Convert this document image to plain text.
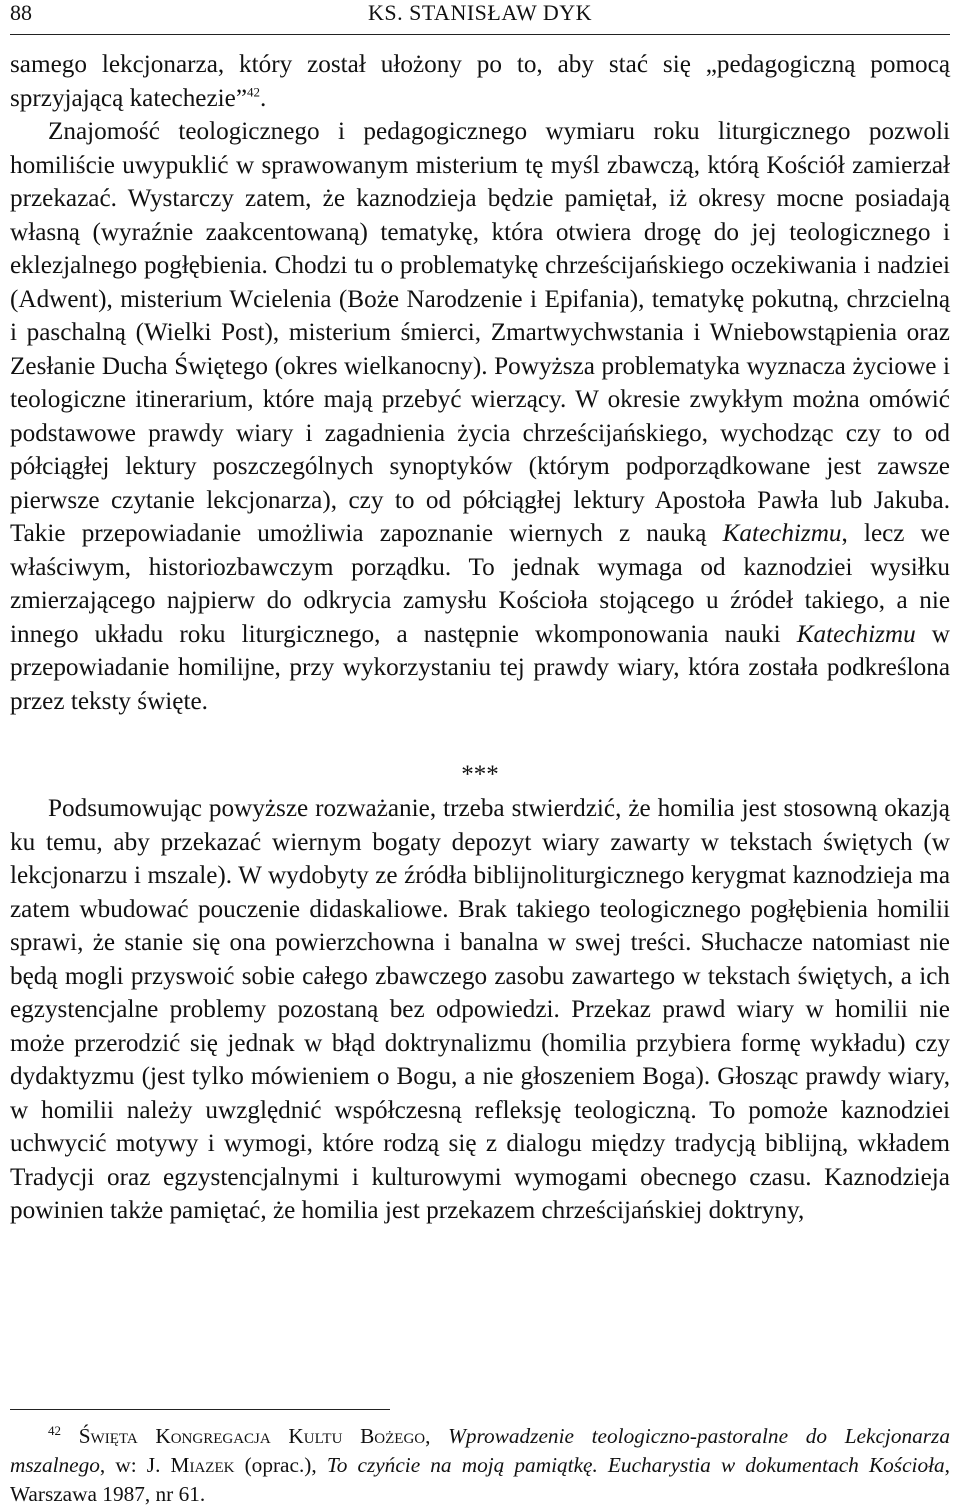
88	KS. STANISŁAW DYK

samego lekcjonarza, który został ułożony po to, aby stać się „pedagogiczną pomocą sprzyjającą katechezie”$^{42}$.

Znajomość teologicznego i pedagogicznego wymiaru roku liturgicznego pozwoli homiliście uwypuklić w sprawowanym misterium tę myśl zbawczą, którą Kościół zamierzał przekazać. Wystarczy zatem, że kaznodzieja będzie pamiętał, iż okresy mocne posiadają własną (wyraźnie zaakcentowaną) tematykę, która otwiera drogę do jej teologicznego i eklezjalnego pogłębienia. Chodzi tu o problematykę chrześcijańskiego oczekiwania i nadziei (Adwent), misterium Wcielenia (Boże Narodzenie i Epifania), tematykę pokutną, chrzcielną i paschalną (Wielki Post), misterium śmierci, Zmartwychwstania i Wniebowstąpienia oraz Zesłanie Ducha Świętego (okres wielkanocny). Powyższa problematyka wyznacza życiowe i teologiczne itinerarium, które mają przebyć wierzący. W okresie zwykłym można omówić podstawowe prawdy wiary i zagadnienia życia chrześcijańskiego, wychodząc czy to od półciągłej lektury poszczególnych synoptyków (którym podporządkowane jest zawsze pierwsze czytanie lekcjonarza), czy to od półciągłej lektury Apostoła Pawła lub Jakuba. Takie przepowiadanie umożliwia zapoznanie wiernych z nauką Katechizmu, lecz we właściwym, historiozbawczym porządku. To jednak wymaga od kaznodziei wysiłku zmierzającego najpierw do odkrycia zamysłu Kościoła stojącego u źródeł takiego, a nie innego układu roku liturgicznego, a następnie wkomponowania nauki Katechizmu w przepowiadanie homilijne, przy wykorzystaniu tej prawdy wiary, która została podkreślona przez teksty święte.

***

Podsumowując powyższe rozważanie, trzeba stwierdzić, że homilia jest stosowną okazją ku temu, aby przekazać wiernym bogaty depozyt wiary zawarty w tekstach świętych (w lekcjonarzu i mszale). W wydobyty ze źródła biblijnoliturgicznego kerygmat kaznodzieja ma zatem wbudować pouczenie didaskaliowe. Brak takiego teologicznego pogłębienia homilii sprawi, że stanie się ona powierzchowna i banalna w swej treści. Słuchacze natomiast nie będą mogli przyswoić sobie całego zbawczego zasobu zawartego w tekstach świętych, a ich egzystencjalne problemy pozostaną bez odpowiedzi. Przekaz prawd wiary w homilii nie może przerodzić się jednak w błąd doktrynalizmu (homilia przybiera formę wykładu) czy dydaktyzmu (jest tylko mówieniem o Bogu, a nie głoszeniem Boga). Głosząc prawdy wiary, w homilii należy uwzględnić współczesną refleksję teologiczną. To pomoże kaznodziei uchwycić motywy i wymogi, które rodzą się z dialogu między tradycją biblijną, wkładem Tradycji oraz egzystencjalnymi i kulturowymi wymogami obecnego czasu. Kaznodzieja powinien także pamiętać, że homilia jest przekazem chrześcijańskiej doktryny,

$^{42}$ Święta Kongregacja Kultu Bożego, Wprowadzenie teologiczno-pastoralne do Lekcjonarza mszalnego, w: J. Miazek (oprac.), To czyńcie na moją pamiątkę. Eucharystia w dokumentach Kościoła, Warszawa 1987, nr 61.
